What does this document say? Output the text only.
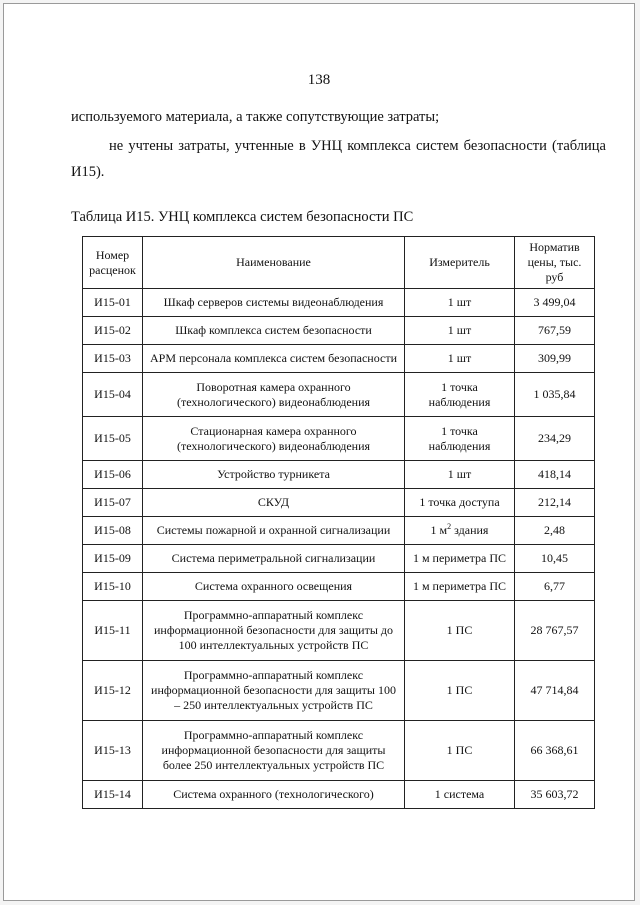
138
используемого материала, а также сопутствующие затраты;
не учтены затраты, учтенные в УНЦ комплекса систем безопасности (таблица И15).
Таблица И15. УНЦ комплекса систем безопасности ПС
Номер расценок	Наименование	Измеритель	Норматив цены, тыс. руб
И15-01	Шкаф серверов системы видеонаблюдения	1 шт	3 499,04
И15-02	Шкаф комплекса систем безопасности	1 шт	767,59
И15-03	АРМ персонала комплекса систем безопасности	1 шт	309,99
И15-04	Поворотная камера охранного (технологического) видеонаблюдения	1 точка наблюдения	1 035,84
И15-05	Стационарная камера охранного (технологического) видеонаблюдения	1 точка наблюдения	234,29
И15-06	Устройство турникета	1 шт	418,14
И15-07	СКУД	1 точка доступа	212,14
И15-08	Системы пожарной и охранной сигнализации	1 $м^2$ здания	2,48
И15-09	Система периметральной сигнализации	1 м периметра ПС	10,45
И15-10	Система охранного освещения	1 м периметра ПС	6,77
И15-11	Программно-аппаратный комплекс информационной безопасности для защиты до 100 интеллектуальных устройств ПС	1 ПС	28 767,57
И15-12	Программно-аппаратный комплекс информационной безопасности для защиты 100 – 250 интеллектуальных устройств ПС	1 ПС	47 714,84
И15-13	Программно-аппаратный комплекс информационной безопасности для защиты более 250 интеллектуальных устройств ПС	1 ПС	66 368,61
И15-14	Система охранного (технологического)	1 система	35 603,72
